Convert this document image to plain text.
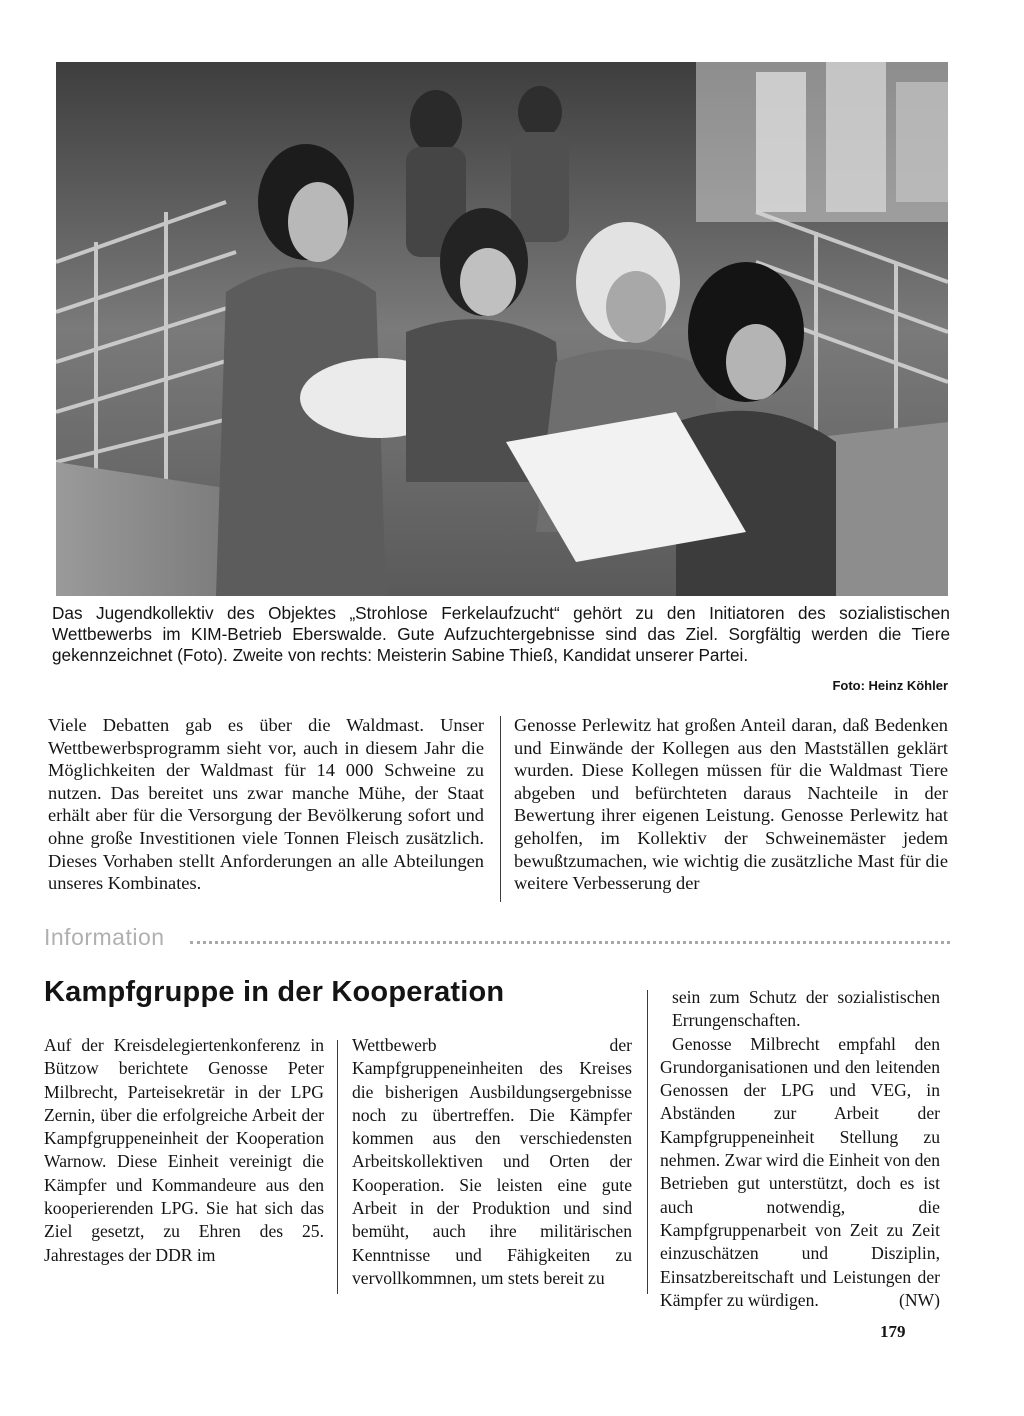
Das Jugendkollektiv des Objektes „Strohlose Ferkelaufzucht“ gehört zu den Initiatoren des sozialistischen Wettbewerbs im KIM-Betrieb Eberswalde. Gute Aufzuchtergebnisse sind das Ziel. Sorgfältig werden die Tiere gekennzeichnet (Foto). Zweite von rechts: Meisterin Sabine Thieß, Kandidat unserer Partei.
Foto: Heinz Köhler
Viele Debatten gab es über die Waldmast. Unser Wettbewerbsprogramm sieht vor, auch in diesem Jahr die Möglichkeiten der Waldmast für 14 000 Schweine zu nutzen. Das bereitet uns zwar manche Mühe, der Staat erhält aber für die Versorgung der Bevölkerung sofort und ohne große Investitionen viele Tonnen Fleisch zusätzlich. Dieses Vorhaben stellt Anforderungen an alle Abteilungen unseres Kombinates.
Genosse Perlewitz hat großen Anteil daran, daß Bedenken und Einwände der Kollegen aus den Mastställen geklärt wurden. Diese Kollegen müssen für die Waldmast Tiere abgeben und befürchteten daraus Nachteile in der Bewertung ihrer eigenen Leistung. Genosse Perlewitz hat geholfen, im Kollektiv der Schweinemäster jedem bewußtzumachen, wie wichtig die zusätzliche Mast für die weitere Verbesserung der
Information
Kampfgruppe in der Kooperation
Auf der Kreisdelegiertenkonferenz in Bützow berichtete Genosse Peter Milbrecht, Parteisekretär in der LPG Zernin, über die erfolgreiche Arbeit der Kampfgruppeneinheit der Kooperation Warnow. Diese Einheit vereinigt die Kämpfer und Kommandeure aus den kooperierenden LPG. Sie hat sich das Ziel gesetzt, zu Ehren des 25. Jahrestages der DDR im
Wettbewerb der Kampfgruppeneinheiten des Kreises die bisherigen Ausbildungsergebnisse noch zu übertreffen. Die Kämpfer kommen aus den verschiedensten Arbeitskollektiven und Orten der Kooperation. Sie leisten eine gute Arbeit in der Produktion und sind bemüht, auch ihre militärischen Kenntnisse und Fähigkeiten zu vervollkommnen, um stets bereit zu

sein zum Schutz der sozialistischen Errungenschaften.

Genosse Milbrecht empfahl den Grundorganisationen und den leitenden Genossen der LPG und VEG, in Abständen zur Arbeit der Kampfgruppeneinheit Stellung zu nehmen. Zwar wird die Einheit von den Betrieben gut unterstützt, doch es ist auch notwendig, die Kampfgruppenarbeit von Zeit zu Zeit einzuschätzen und Disziplin, Einsatzbereitschaft und Leistungen der Kämpfer zu würdigen.	(NW)

179
